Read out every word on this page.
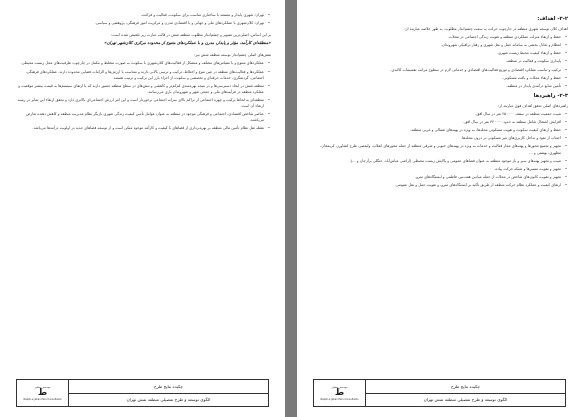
• تهران؛ شهری پایدار و مستعد با ساختاری مناسب برای سکونت، فعالیت و فراغت.

• تهران؛ کلان‌شهری با عملکردهای ملی و جهانی و با اقتصادی مدرن و مرکزیت امور فرهنگی، پژوهشی و سیاسی.

بر این اساس، اصلی‌ترین تصویر و چشم‌انداز مطلوب منطقه شش در قالب عبارت زیر تلخیص شده است:

«منطقه‌ای کارآمد، مؤثر و پایدار، مدرن و با عملکردهای متنوع از محدوده مرکزی کلان‌شهر تهران»

نقش‌های اصلی چشم‌انداز توسعه منطقه شش نیز:

• عملکردهای متنوع و با مقیاس‌های مختلف و متشکل از فعالیت‌های کلان‌شهری با سکونت به صورت مختلط و مکمل در چارچوب ظرفیت‌های محل زیست محیطی.

• عملکردها و فعالیت‌های منطقه در عین تنوع و اختلاط، ترکیب و ترتیبی بالایی دارند و متناسب با ارزش‌ها و الزامات فضایی محدوده دارند. عملکردهای فرهنگی، اجتماعی، گردشگری، خدمات حرفه‌ای و تخصصی و سکونت از اجزاء بارز این ترکیب و ترتیب هستند.

• منطقه شش در ایجاد دسترسی‌ها و در نتیجه بهره‌مندی کم‌کم‌تر و کاهشی و تنش‌های در سطح منطقه حضور دارند که با ارتقای سیستم‌ها به قیمت بیشتر موقعیت و عملکرد منطقه در فرآیندهای ملی و جمعی شهر و شهروندان یاری می‌رسانند.

• منطقه‌ای به لحاظ ترکیب و چهره اجتماعی از تراکم بالای سرانه اجتماعی برخوردار است و این امر ارزش اجتماعی‌ای بالاتری دارد و تحقق ارتقاء این تمایز در زمینه ارتقاء آن است.

• عناصر شاخص اقتصادی، اجتماعی و فرهنگی موجود در منطقه به عنوان عوامل تأمین کیفیت زندگی شهری بازیگر نظام مدیریت منطقه و کاهش دهنده تعارض می‌باشند.

• نقطه ثقل نظام تأمین مالی منطقه بر بهره‌برداری از قضاهای با کیفیت و کارآمد موجود متکی است و از توسعه فضاهای جدید در اولویت درآمدها می‌باشد.

مهندسین مشاور
ط
Naqsh-e Jahan Pars Consultants
چکیده نتایج طرح
الگوی توسعه و طرح تفصیلی منطقه شش تهران

۲-۲- اهداف:

اهداف کلان توسعه شهری منطقه در جارچوب حرکت به سمت چشم‌انداز مطلوب، به طور خلاصه عبارتند از:

• حفظ و ارتقاء منزلت عملکردی منطقه و تقویت زندگی اجتماعی در محلات.

• انتظام و تعادل بخشی به سامانه حمل و نقل شهری و رفتار ترافیکی شهروندان.

• حفظ و ارتقاء کیفیت محیط زیست شهری.

• پایداری سکونت و فعالیت در منطقه.

• ترکیب و تناسب عملکرد اقتصادی و توزیع فعالیت‌های اقتصادی و خدماتی لازم در سطوح مراتب تقسیمات کالبدی.

• حفظ و ارتقاء محلات و بافت مسکونی.

• تأمین منابع درآمدی پایدار در منطقه.

۲-۳- راهبردها

راهبردهای اصلی تحقق اهداف فوق عبارتند از:

• تثبیت جمعیت منطقه در سقف ۲۵۰۰۰۰ نفر در سال افق.

• افزایش اشتغال شاغل منطقه به حدود ۳۴۰۰۰۰ نفر در سال افق.

• حفظ و ارتقای کیفیت سکونت و هویت مسکونی محله‌ها، به ویژه در پهنه‌های شمالی و غربی منطقه.

• اجتناب از نفوذ و تداخل کاربری‌های غیر مسکونی در درون محله‌ها.

• تجهیز و تجمیع محورها و پهنه‌های مجاز فعالیت و خدمات به ویژه در پهنه‌های جنوبی و شرقی منطقه از جمله محورهای انقلاب، ولیعصر، طرح کشاورز، کریمخان، مطهری، بهشتی و ...

• تثبیت و تجهیز پهنه‌های سبز و باز موجود منطقه به عنوان فضاهای عمومی و پالایش زیست محیطی (اراضی عباس‌آباد، جنگلی برآزجان و ...).

• تجهیز و تقویت مسیرها و شبکه حرکت پیاده.

• تجهیز و تقویت کانون‌های شاخص در محلات از جمله میادین هفت‌تیر، فاطمی و ایستگاه‌های مترو.

• ارتقای کیفیت و عملکرد نظام حرکت منطقه از طریق تأکید بر ایستگاه‌های مترو، و تقویت حمل و نقل عمومی.

مهندسین مشاور
ط
Naqsh-e Jahan Pars Consultants
چکیده نتایج طرح
الگوی توسعه و طرح تفصیلی منطقه شش تهران
